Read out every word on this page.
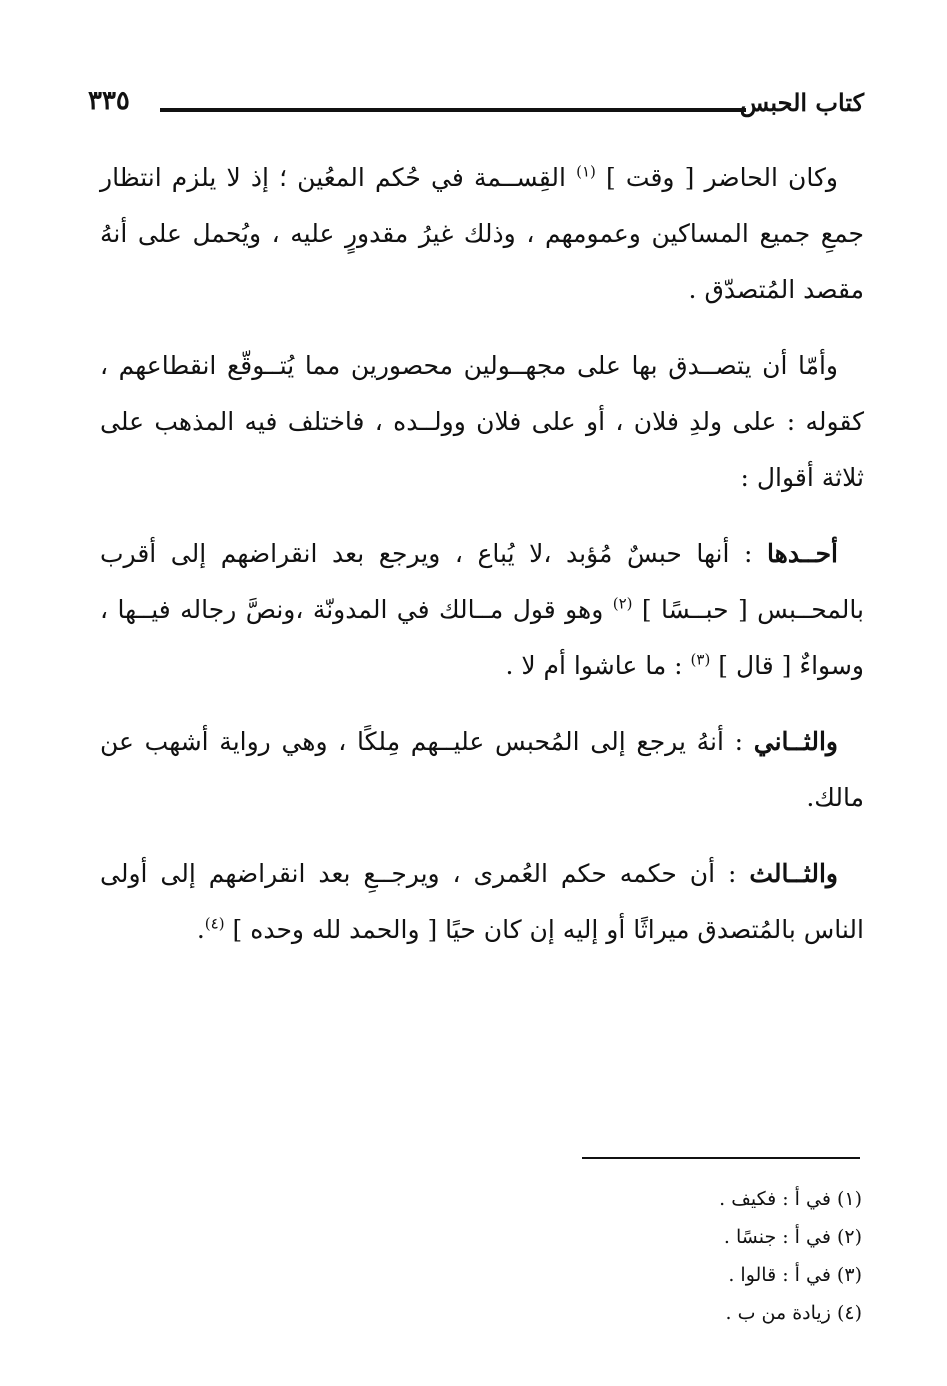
كتاب الحبس
٣٣٥

وكان الحاضر [ وقت ] $^{(١)}$ القِســمة في حُكم المعُين ؛ إذ لا يلزم انتظار جمعِ جميع المساكين وعمومهم ، وذلك غيرُ مقدورٍ عليه ، ويُحمل على أنهُ مقصد المُتصدّق .

وأمّا أن يتصــدق بها على مجهــولين محصورين مما يُتــوقّع انقطاعهم ، كقوله : على ولدِ فلان ، أو على فلان وولــده ، فاختلف فيه المذهب على ثلاثة أقوال :

أحــدها : أنها حبسٌ مُؤبد ،لا يُباع ، ويرجع بعد انقراضهم إلى أقرب بالمحــبس [ حبــسًا ] $^{(٢)}$ وهو قول مــالك في المدونّة ،ونصَّ رجاله فيــها ، وسواءٌ [ قال ] $^{(٣)}$ : ما عاشوا أم لا .

والثــاني : أنهُ يرجع إلى المُحبس عليــهم مِلكًا ، وهي رواية أشهب عن مالك.

والثــالث : أن حكمه حكم العُمرى ، ويرجــعِ بعد انقراضهم إلى أولى الناس بالمُتصدق ميراثًا أو إليه إن كان حيًا [ والحمد لله وحده ] $^{(٤)}$.

(١) في أ : فكيف .
(٢) في أ : جنسًا .
(٣) في أ : قالوا .
(٤) زيادة من ب .
